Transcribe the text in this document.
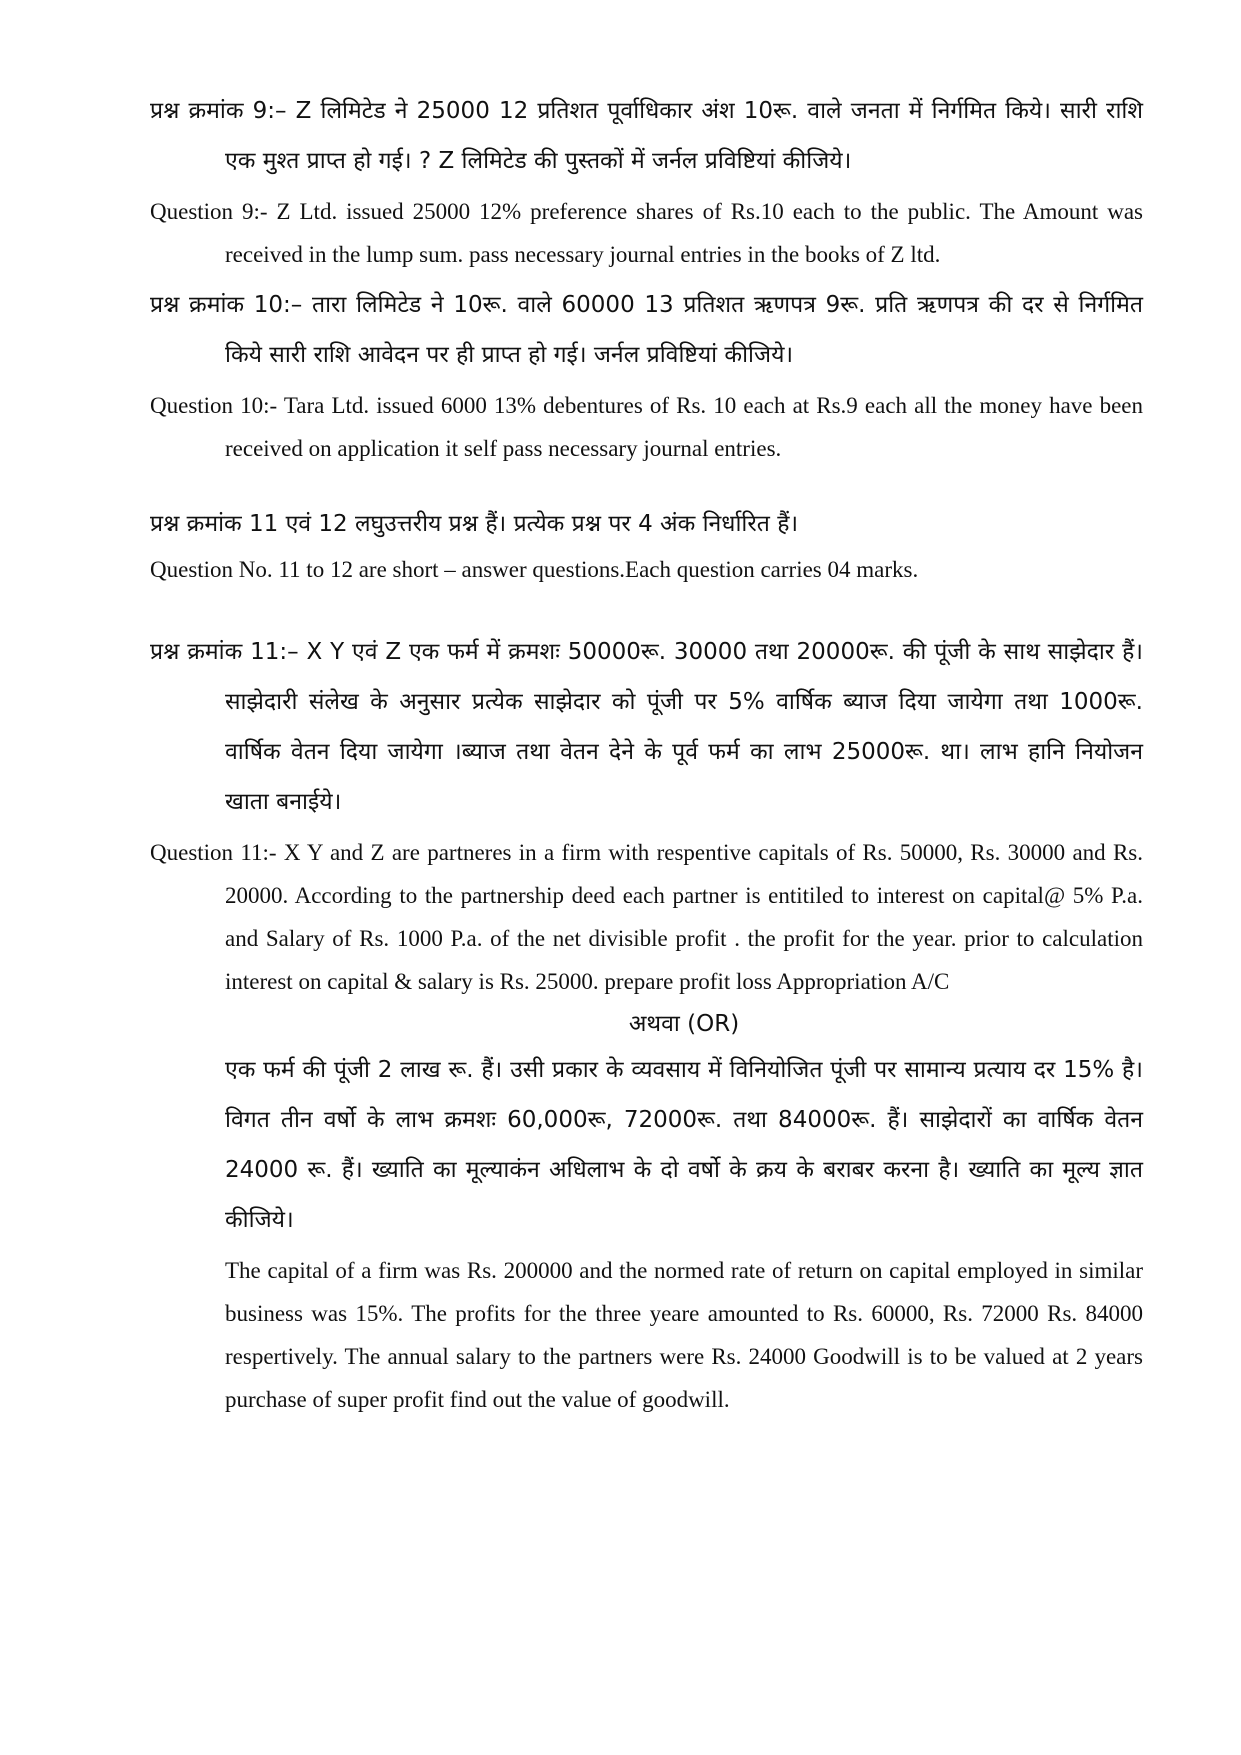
प्रश्न क्रमांक 9:– Z लिमिटेड ने 25000 12 प्रतिशत पूर्वाधिकार अंश 10रू. वाले जनता में निर्गमित किये। सारी राशि एक मुश्त प्राप्त हो गई। ? Z लिमिटेड की पुस्तकों में जर्नल प्रविष्टियां कीजिये।

Question 9:- Z Ltd. issued 25000 12% preference shares of Rs.10 each to the public. The Amount was received in the lump sum. pass necessary journal entries in the books of Z ltd.

प्रश्न क्रमांक 10:– तारा लिमिटेड ने 10रू. वाले 60000 13 प्रतिशत ऋणपत्र 9रू. प्रति ऋणपत्र की दर से निर्गमित किये सारी राशि आवेदन पर ही प्राप्त हो गई। जर्नल प्रविष्टियां कीजिये।

Question 10:- Tara Ltd. issued 6000 13% debentures of Rs. 10 each at Rs.9 each all the money have been received on application it self pass necessary journal entries.

प्रश्न क्रमांक 11 एवं 12 लघुउत्तरीय प्रश्न हैं। प्रत्येक प्रश्न पर 4 अंक निर्धारित हैं।

Question No. 11 to 12 are short – answer questions.Each question carries 04 marks.

प्रश्न क्रमांक 11:– X Y एवं Z एक फर्म में क्रमशः 50000रू. 30000 तथा 20000रू. की पूंजी के साथ साझेदार हैं। साझेदारी संलेख के अनुसार प्रत्येक साझेदार को पूंजी पर 5% वार्षिक ब्याज दिया जायेगा तथा 1000रू. वार्षिक वेतन दिया जायेगा ।ब्याज तथा वेतन देने के पूर्व फर्म का लाभ 25000रू. था। लाभ हानि नियोजन खाता बनाईये।

Question 11:- X Y and Z are partneres in a firm with respentive capitals of Rs. 50000, Rs. 30000 and Rs. 20000. According to the partnership deed each partner is entitiled to interest on capital@ 5% P.a. and Salary of Rs. 1000 P.a. of the net divisible profit . the profit for the year. prior to calculation interest on capital & salary is Rs. 25000. prepare profit loss Appropriation A/C

अथवा (OR)

एक फर्म की पूंजी 2 लाख रू. हैं। उसी प्रकार के व्यवसाय में विनियोजित पूंजी पर सामान्य प्रत्याय दर 15% है। विगत तीन वर्षो के लाभ क्रमशः 60,000रू, 72000रू. तथा 84000रू. हैं। साझेदारों का वार्षिक वेतन 24000 रू. हैं। ख्याति का मूल्याकंन अधिलाभ के दो वर्षो के क्रय के बराबर करना है। ख्याति का मूल्य ज्ञात कीजिये।

The capital of a firm was Rs. 200000 and the normed rate of return on capital employed in similar business was 15%. The profits for the three yeare amounted to Rs. 60000, Rs. 72000 Rs. 84000 respertively. The annual salary to the partners were Rs. 24000 Goodwill is to be valued at 2 years purchase of super profit find out the value of goodwill.
